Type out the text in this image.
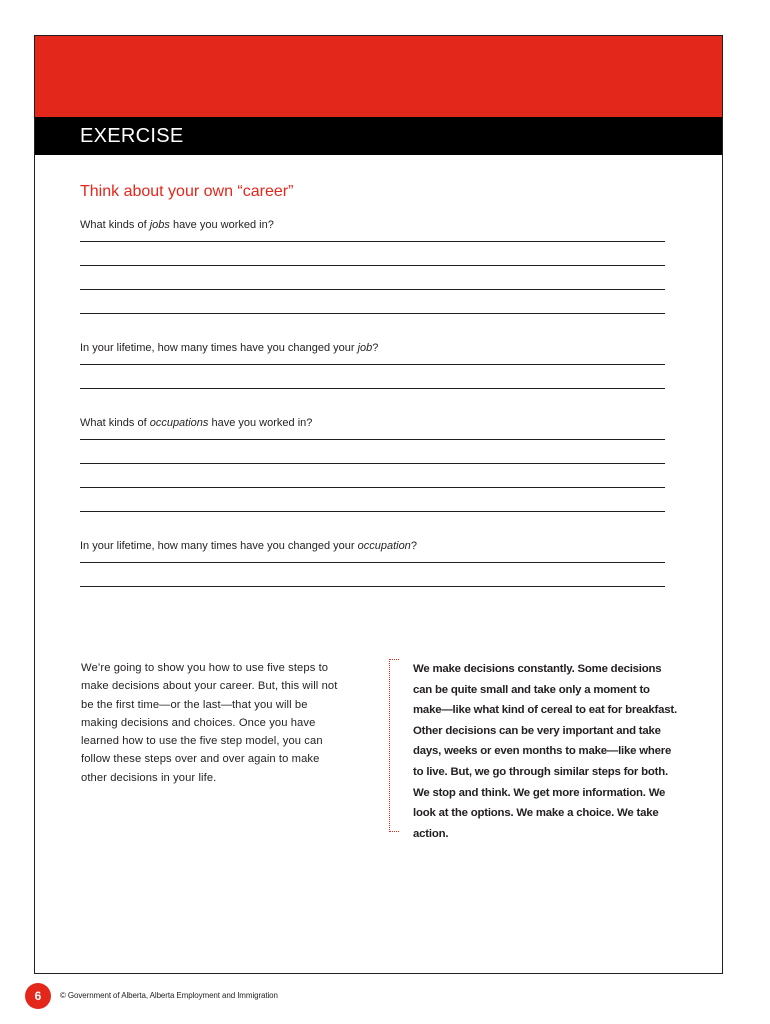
EXERCISE
Think about your own “career”

What kinds of jobs have you worked in?

In your lifetime, how many times have you changed your job?

What kinds of occupations have you worked in?

In your lifetime, how many times have you changed your occupation?

We’re going to show you how to use five steps to make decisions about your career. But, this will not be the first time—or the last—that you will be making decisions and choices. Once you have learned how to use the five step model, you can follow these steps over and over again to make other decisions in your life.

We make decisions constantly. Some decisions can be quite small and take only a moment to make—like what kind of cereal to eat for breakfast. Other decisions can be very important and take days, weeks or even months to make—like where to live. But, we go through similar steps for both. We stop and think. We get more information. We look at the options. We make a choice. We take action.

6	© Government of Alberta, Alberta Employment and Immigration
